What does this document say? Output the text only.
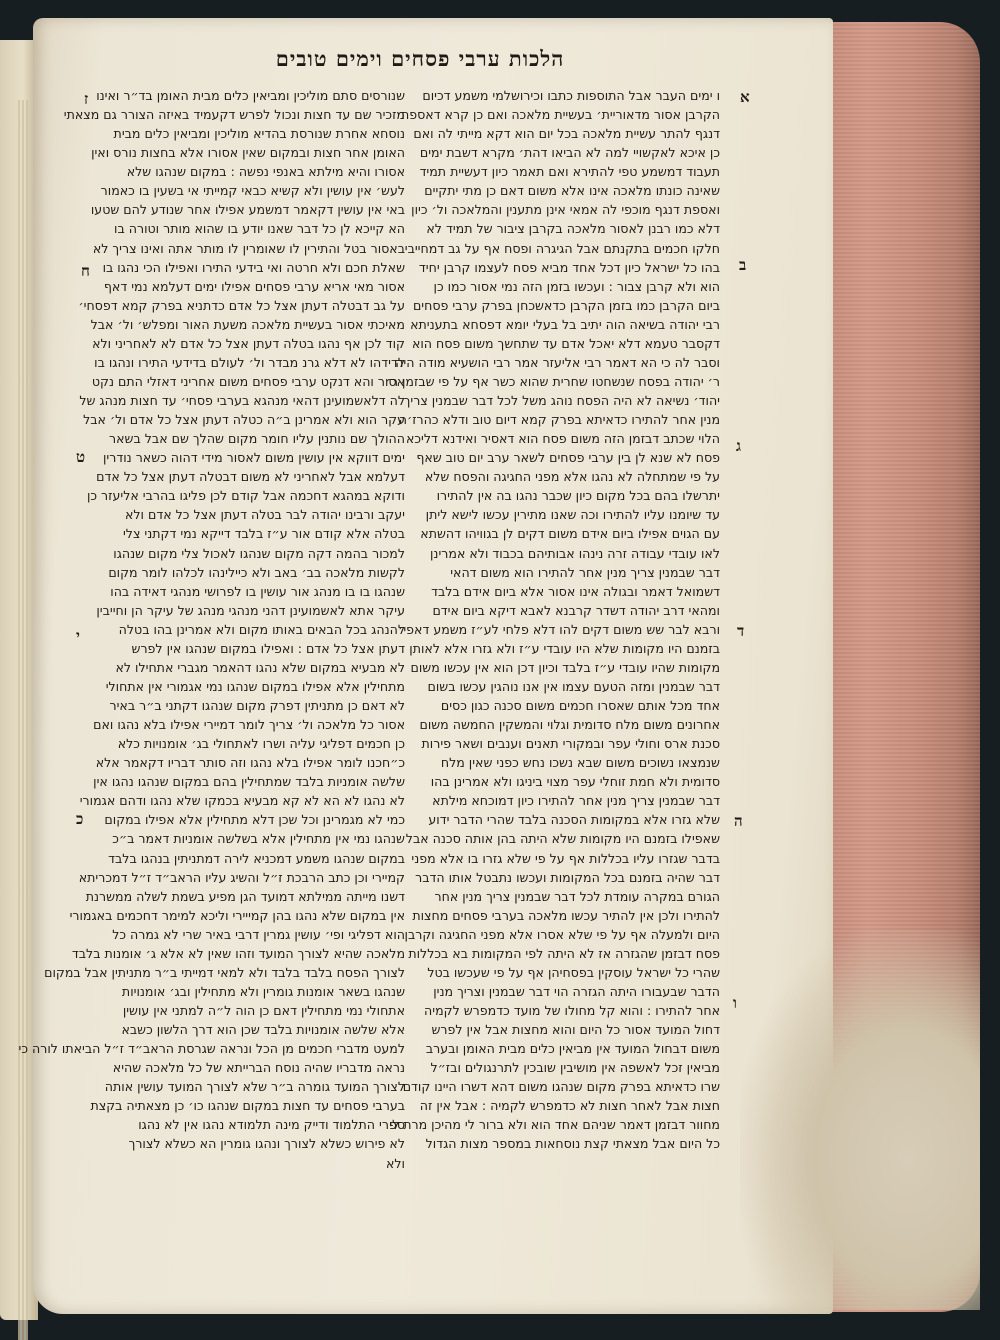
הלכות ערבי פסחים וימים טובים
ו ימים העבר אבל התוספות כתבו וכירושלמי משמע דכיום
הקרבן אסור מדאוריית׳ בעשיית מלאכה ואם כן קרא דאספת
דנגף להתר עשיית מלאכה בכל יום הוא דקא מייתי לה ואם
כן איכא לאקשויי למה לא הביאו דהת׳ מקרא דשבת ימים
תעבוד דמשמע טפי להתירא ואם תאמר כיון דעשיית תמיד
שאינה כונתו מלאכה אינו אלא משום דאם כן מתי יתקיים
ואספת דנגף מוכפי לה אמאי אינן מתענין והמלאכה ול׳ כיון
דלא כמו רבנן לאסור מלאכה בקרבן ציבור של תמיד לא
חלקו חכמים בתקנתם אבל הגיגרה ופסח אף על גב דמחייבי
בהו כל ישראל כיון דכל אחד מביא פסח לעצמו קרבן יחיד
הוא ולא קרבן צבור : ועכשו בזמן הזה נמי אסור כמו כן
ביום הקרבן כמו בזמן הקרבן כדאשכחן בפרק ערבי פסחים
רבי יהודה בשיאה הוה יתיב בל בעלי יומא דפסחא בתעניתא
דקסבר טעמא דלא יאכל אדם עד שתחשך משום פסח הוא
וסבר לה כי הא דאמר רבי אליעזר אמר רבי הושעיא מודה היה
ר׳ יהודה בפסח שנשחטו שחרית שהוא כשר אף על פי שבזמן ר׳
יהוד׳ נשיאה לא היה הפסח נוהג משל לכל דבר שבמנין צריך
מנין אחר להתירו כדאיתא בפרק קמא דיום טוב ודלא כהרז׳ה
הלוי שכתב דבזמן הזה משום פסח הוא דאסיר ואידנא דליכא
פסח לא שנא לן בין ערבי פסחים לשאר ערב יום טוב שאף
על פי שמתחלה לא נהגו אלא מפני החגיגה והפסח שלא
יתרשלו בהם בכל מקום כיון שכבר נהגו בה אין להתירו
עד שיומנו עליו להתירו וכה שאנו מתירין עכשו לישא ליתן
עם הגוים אפילו ביום אידם משום דקים לן בגוויהו דהשתא
לאו עובדי עבודה זרה נינהו אבותיהם בכבוד ולא אמרינן
דבר שבמנין צריך מנין אחר להתירו הוא משום דהאי
דשמואל דאמר ובגולה אינו אסור אלא ביום אידם בלבד
ומהאי דרב יהודה דשדר קרבנא לאבא דיקא ביום אידם
ורבא לבר שש משום דקים להו דלא פלחי לע״ז משמע דאפי׳
בזמנם היו מקומות שלא היו עובדי ע״ז ולא גזרו אלא לאותן
מקומות שהיו עובדי ע״ז בלבד וכיון דכן הוא אין עכשו משום
דבר שבמנין ומזה הטעם עצמו אין אנו נוהגין עכשו בשום
אחד מכל אותם שאסרו חכמים משום סכנה כגון כסים
אחרונים משום מלח סדומית וגלוי והמשקין החמשה משום
סכנת ארס וחולי עפר ובמקורי תאנים וענבים ושאר פירות
שנמצאו נשוכים משום שבא נשכו נחש כפני שאין מלח
סדומית ולא חמת זוחלי עפר מצוי ביניגו ולא אמרינן בהו
דבר שבמנין צריך מנין אחר להתירו כיון דמוכחא מילתא
שלא גזרו אלא במקומות הסכנה בלבד שהרי הדבר ידוע
שאפילו בזמנם היו מקומות שלא היתה בהן אותה סכנה אבל
בדבר שגזרו עליו בכללות אף על פי שלא גזרו בו אלא מפני
דבר שהיה בזמנם בכל המקומות ועכשו נתבטל אותו הדבר
הגורם במקרה עומדת לכל דבר שבמנין צריך מנין אחר
להתירו ולכן אין להתיר עכשו מלאכה בערבי פסחים מחצות
היום ולמעלה אף על פי שלא אסרו אלא מפני החגיגה וקרבן
פסח דבזמן שהגזרה אז לא היתה לפי המקומות בא בכללות
שהרי כל ישראל עוסקין בפסחיהן אף על פי שעכשו בטל
הדבר שבעבורו היתה הגזרה הוי דבר שבמנין וצריך מנין
אחר להתירו : והוא קל מחולו של מועד כדמפרש לקמיה
דחול המועד אסור כל היום והוא מחצות אבל אין לפרש
משום דבחול המועד אין מביאין כלים מבית האומן ובערב
מביאין זכל לאשפה אין מושיבין שובכין לתרנגולים ובז״ל
שרו כדאיתא בפרק מקום שנהגו משום דהא דשרו היינו קודם
חצות אבל לאחר חצות לא כדמפרש לקמיה : אבל אין זה
מחוור דבזמן דאמר שניהם אחד הוא ולא ברור לי מהיכן מרת לי
כל היום אבל מצאתי קצת נוסחאות במספר מצות הגדול
שנורסים סתם מוליכין ומביאין כלים מבית האומן בד״ר ואינו
מזכיר שם עד חצות ונכול לפרש דקעמיד באיזה הצורר גם מצאתי
נוסחא אחרת שנורסת בהדיא מוליכין ומביאין כלים מבית
האומן אחר חצות ובמקום שאין אסורו אלא בחצות נורס ואין
אסורו והיא מילתא באנפי נפשה : במקום שנהגו שלא
לעש׳ אין עושין ולא קשיא כבאי קמייתי אי בשעין בו כאמור
באי אין עושין דקאמר דמשמע אפילו אחר שנודע להם שטעו
הא קייכא לן כל דבר שאנו יודע בו שהוא מותר וטורה בו
באסור בטל והתירין לו שאומרין לו מותר אתה ואינו צריך לא
שאלת חכם ולא חרטה ואי בידעי התירו ואפילו הכי נהגו בו
אסור מאי אריא ערבי פסחים אפילו ימים דעלמא נמי דאף
על גב דבטלה דעתן אצל כל אדם כדתניא בפרק קמא דפסחי׳
מאיכתי אסור בעשיית מלאכה משעת האור ומפלש׳ ול׳ אבל
קוד לכן אף נהגו בטלה דעתן אצל כל אדם לא לאחריני ולא
לדידהו לא דלא גרנ מבדר ול׳ לעולם בדידעי התירו ונהגו בו
אסור והא דנקט ערבי פסחים משום אחריני דאזלי התם נקט
לה דלאשמועינן דהאי מנהגא בערבי פסחי׳ עד חצות מנהג של
עקר הוא ולא אמרינן ב״ה כטלה דעתן אצל כל אדם ול׳ אבל
ההולך שם נותנין עליו חומר מקום שהלך שם אבל בשאר
ימים דווקא אין עושין משום לאסור מידי דהוה כשאר נודרין
דעלמא אבל לאחריני לא משום דבטלה דעתן אצל כל אדם
ודוקא במהגא דחכמה אבל קודם לכן פליגו בהרבי אליעזר כן
יעקב ורבינו יהודה לבר בטלה דעתן אצל כל אדם ולא
בטלה אלא קודם אור ע״ז בלבד דייקא נמי דקתני צלי
למכור בהמה דקה מקום שנהגו לאכול צלי מקום שנהגו
לקשות מלאכה בב׳ באב ולא כיילינהו לכלהו לומר מקום
שנהגו בו בו מנהג אור עושין בו לפרושי מנהגי דאידה בהו
עיקר אתא לאשמועינן דהני מנהגי מנהג של עיקר הן וחייבין
להנהג בכל הבאים באותו מקום ולא אמרינן בהו בטלה
דעתן אצל כל אדם : ואפילו במקום שנהגו אין לפרש
לא מבעיא במקום שלא נהגו דהאמר מגברי אתחילו לא
מתחילין אלא אפילו במקום שנהגו נמי אגמורי אין אתחולי
לא דאם כן מתניתין דפרק מקום שנהגו דקתני ב״ר באיר
אסור כל מלאכה ול׳ צריך לומר דמיירי אפילו בלא נהגו ואם
כן חכמים דפליגי עליה ושרו לאתחולי בג׳ אומנויות כלא
כ״חכנו לומר אפילו בלא נהגו וזה סותר דבריו דקאמר אלא
שלשה אומניות בלבד שמתחילין בהם במקום שנהגו נהגו אין
לא נהגו לא הא לא קא מבעיא בכמקו שלא נהגו ודהם אגמורי
כמי לא מגמרינן וכל שכן דלא מתחילין אלא אפילו במקום
שנהגו נמי אין מתחילין אלא בשלשה אומניות דאמר ב״כ
במקום שנהגו משמע דמכניא לירה דמתניתין בנהגו בלבד
קמיירי וכן כתב הרבכת ז״ל והשיג עליו הראב״ד ז״ל דמכריתא
דשנו מייתה ממילתא דמועד הגן מפיע בשמת לשלה ממשרנת
אין במקום שלא נהגו בהן קמייירי וליכא למימר דחכמים באגמורי
הוא דפליגי ופי׳ עושין גמרין דרבי באיר שרי לא גמרה כל
מלאכה שהיא לצורך המועד וזהו שאין לא אלא ג׳ אומנות בלבד
לצורך הפסח בלבד בלבד ולא למאי דמייתי ב״ר מתניתין אבל במקום
שנהגו בשאר אומנות גומרין ולא מתחילין ובג׳ אומנויות
אתחולי נמי מתחילין דאם כן הוה ל״ה למתני אין עושין
אלא שלשה אומנויות בלבד שכן הוא דרך הלשון כשבא
למעט מדברי חכמים מן הכל ונראה שגרסת הראב״ד ז״ל הביאתו לורה כי
נראה מדבריו שהיה נוסח הברייתא של כל מלאכה שהיא
לצורך המועד גומרה ב״ר שלא לצורך המועד עושין אותה
בערבי פסחים עד חצות במקום שנהגו כו׳ כן מצאתיה בקצת
ספרי התלמוד ודייק מינה תלמודא נהגו אין לא נהגו
לא פירוש כשלא לצורך ונהגו גומרין הא כשלא לצורך
ולא
א
ב
ג
ד
ה
ו
ז
ח
ט
י
כ
